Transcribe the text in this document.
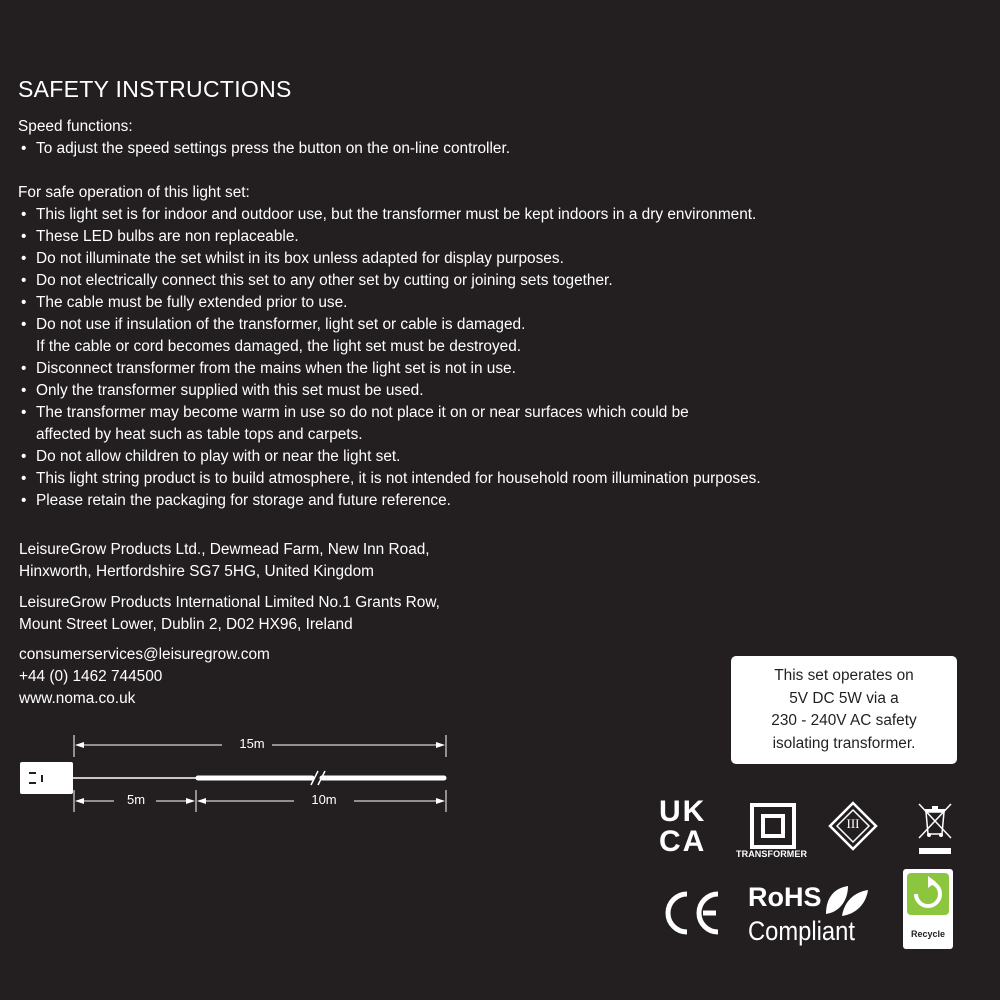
SAFETY INSTRUCTIONS

Speed functions:

• To adjust the speed settings press the button on the on-line controller.

For safe operation of this light set:

• This light set is for indoor and outdoor use, but the transformer must be kept indoors in a dry environment.
• These LED bulbs are non replaceable.
• Do not illuminate the set whilst in its box unless adapted for display purposes.
• Do not electrically connect this set to any other set by cutting or joining sets together.
• The cable must be fully extended prior to use.
• Do not use if insulation of the transformer, light set or cable is damaged.
If the cable or cord becomes damaged, the light set must be destroyed.
• Disconnect transformer from the mains when the light set is not in use.
• Only the transformer supplied with this set must be used.
• The transformer may become warm in use so do not place it on or near surfaces which could be
affected by heat such as table tops and carpets.
• Do not allow children to play with or near the light set.
• This light string product is to build atmosphere, it is not intended for household room illumination purposes.
• Please retain the packaging for storage and future reference.
LeisureGrow Products Ltd., Dewmead Farm, New Inn Road,
Hinxworth, Hertfordshire SG7 5HG, United Kingdom
LeisureGrow Products International Limited No.1 Grants Row,
Mount Street Lower, Dublin 2, D02 HX96, Ireland
consumerservices@leisuregrow.com
+44 (0) 1462 744500
www.noma.co.uk
This set operates on
5V DC 5W via a
230 - 240V AC safety
isolating transformer.
15m
5m	10m	UK
CA	TRANSFORMER
III
RoHS
Compliant	Recycle
